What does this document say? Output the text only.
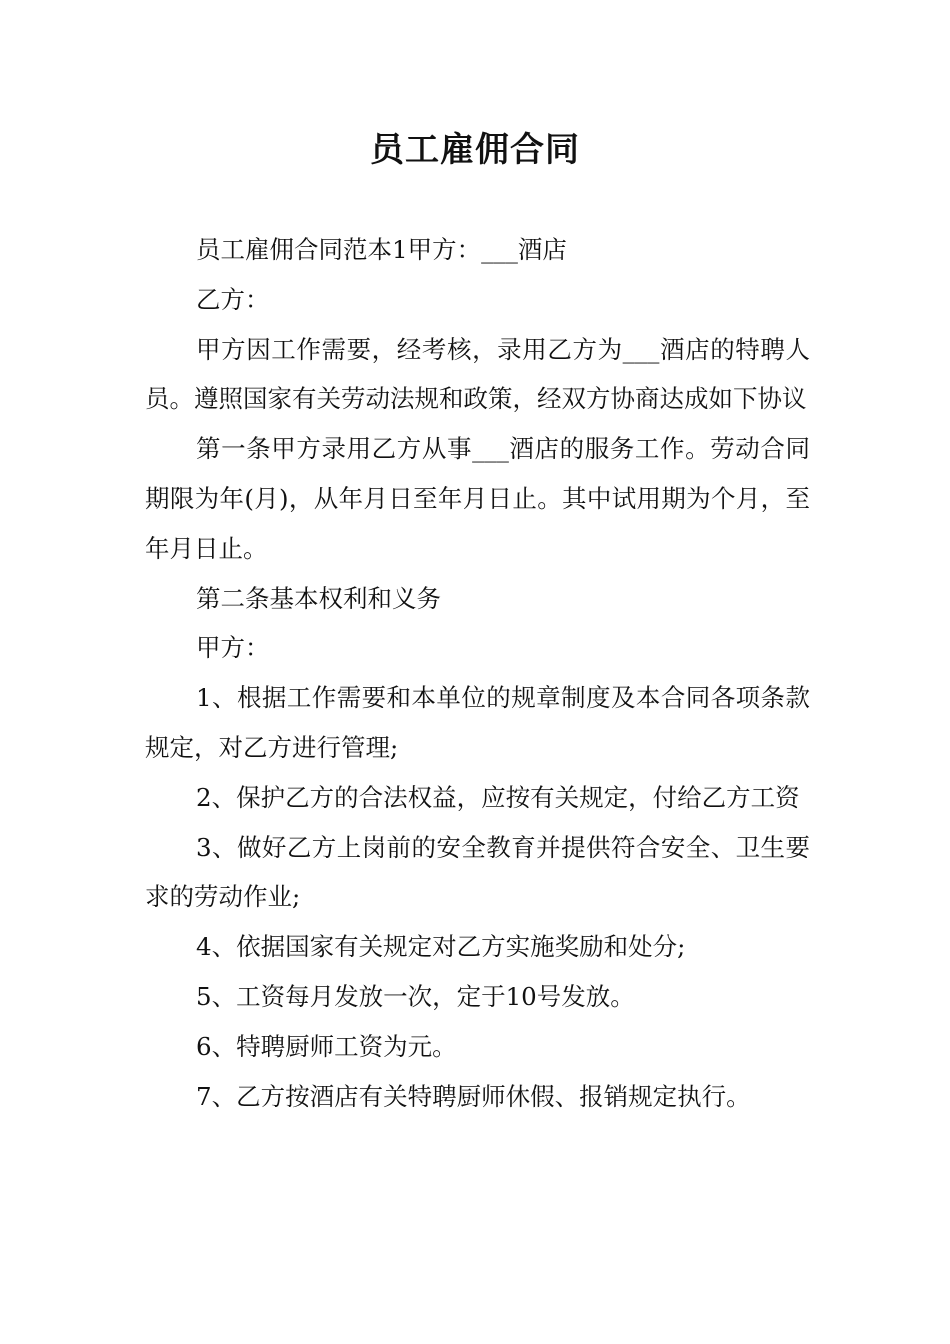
员工雇佣合同

员工雇佣合同范本1甲方：___酒店

乙方：

甲方因工作需要，经考核，录用乙方为___酒店的特聘人员。遵照国家有关劳动法规和政策，经双方协商达成如下协议

第一条甲方录用乙方从事___酒店的服务工作。劳动合同期限为年(月)，从年月日至年月日止。其中试用期为个月，至年月日止。

第二条基本权利和义务

甲方：

1、根据工作需要和本单位的规章制度及本合同各项条款规定，对乙方进行管理;

2、保护乙方的合法权益，应按有关规定，付给乙方工资

3、做好乙方上岗前的安全教育并提供符合安全、卫生要求的劳动作业;

4、依据国家有关规定对乙方实施奖励和处分;

5、工资每月发放一次，定于10号发放。

6、特聘厨师工资为元。

7、乙方按酒店有关特聘厨师休假、报销规定执行。
